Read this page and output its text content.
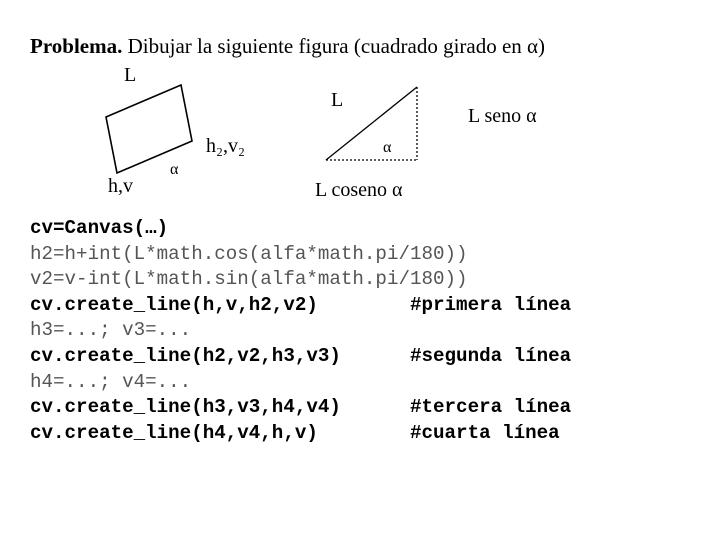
Problema. Dibujar la siguiente figura (cuadrado girado en α)
L
h₂,v₂
α
h,v
L
L seno α
α
L coseno α
cv=Canvas(…)
h2=h+int(L*math.cos(alfa*math.pi/180))
v2=v-int(L*math.sin(alfa*math.pi/180))
cv.create_line(h,v,h2,v2)	#primera línea
h3=...; v3=...
cv.create_line(h2,v2,h3,v3)	#segunda línea
h4=...; v4=...
cv.create_line(h3,v3,h4,v4)	#tercera línea
cv.create_line(h4,v4,h,v)	#cuarta línea
